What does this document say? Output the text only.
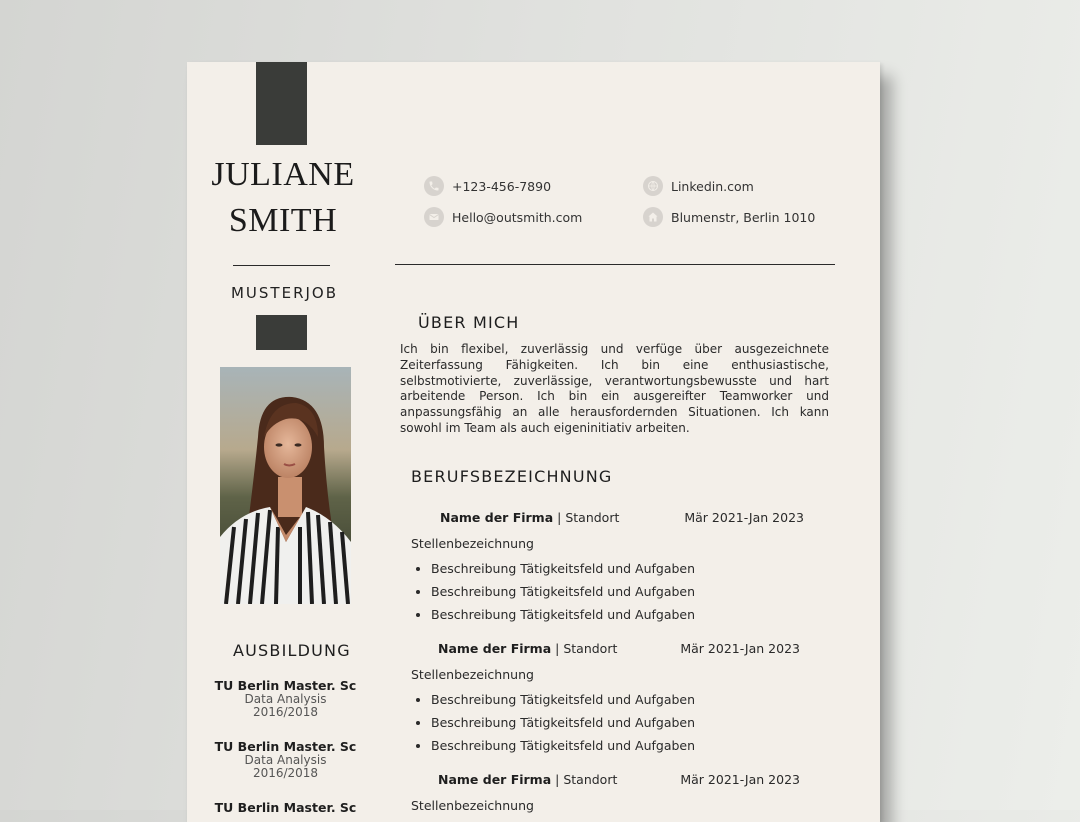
JULIANE
SMITH
MUSTERJOB
AUSBILDUNG
TU Berlin Master. Sc
Data Analysis
2016/2018
TU Berlin Master. Sc
Data Analysis
2016/2018
TU Berlin Master. Sc
+123-456-7890
Hello@outsmith.com
Linkedin.com
Blumenstr, Berlin 1010
ÜBER MICH
Ich bin flexibel, zuverlässig und verfüge über ausgezeichnete Zeiterfassung Fähigkeiten. Ich bin eine enthusiastische, selbstmotivierte, zuverlässige, verantwortungsbewusste und hart arbeitende Person. Ich bin ein ausgereifter Teamworker und anpassungsfähig an alle herausfordernden Situationen. Ich kann sowohl im Team als auch eigeninitiativ arbeiten.
BERUFSBEZEICHNUNG
Name der Firma | Standort	Mär 2021-Jan 2023
Stellenbezeichnung
• Beschreibung Tätigkeitsfeld und Aufgaben
• Beschreibung Tätigkeitsfeld und Aufgaben
• Beschreibung Tätigkeitsfeld und Aufgaben
Name der Firma | Standort	Mär 2021-Jan 2023
Stellenbezeichnung
• Beschreibung Tätigkeitsfeld und Aufgaben
• Beschreibung Tätigkeitsfeld und Aufgaben
• Beschreibung Tätigkeitsfeld und Aufgaben
Name der Firma | Standort	Mär 2021-Jan 2023
Stellenbezeichnung
